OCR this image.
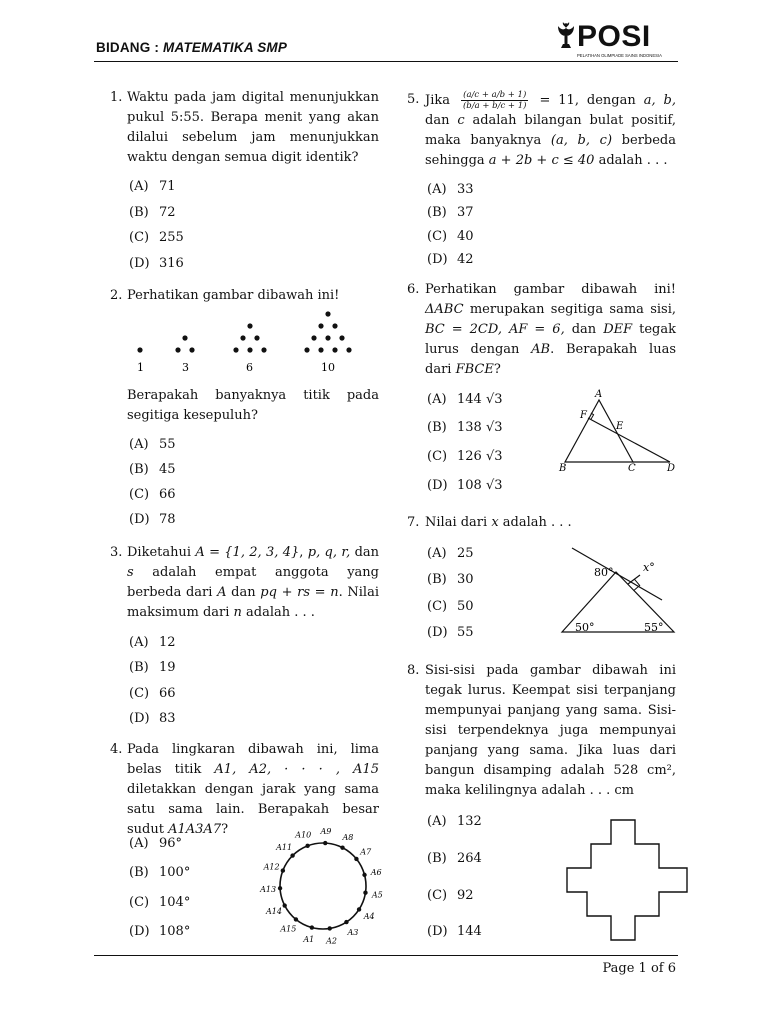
BIDANG : MATEMATIKA SMP	POSI
PELATIHAN OLIMPIADE SAINS INDONESIA
1. Waktu pada jam digital menunjukkan pukul 5:55. Berapa menit yang akan dilalui sebelum jam menunjukkan waktu dengan semua digit identik?
(A) 71
(B) 72
(C) 255
(D) 316
2. Perhatikan gambar dibawah ini!
1	3	6	10
Berapakah banyaknya titik pada segitiga kesepuluh?
(A) 55
(B) 45
(C) 66
(D) 78
3. Diketahui A = {1, 2, 3, 4}, p, q, r, dan s adalah empat anggota yang berbeda dari A dan pq + rs = n. Nilai maksimum dari n adalah . . .
(A) 12
(B) 19
(C) 66
(D) 83
4. Pada lingkaran dibawah ini, lima belas titik A1, A2, · · · , A15 diletakkan dengan jarak yang sama satu sama lain. Berapakah besar sudut A1A3A7?
(A) 96°
(B) 100°
(C) 104°
(D) 108°
A1 A2
A3
A4
A5
A6
A7
A8
A9
A10
A11
A12
A13
A14
A15
5. Jika $\frac{(a/c + a/b + 1)}{(b/a + b/c + 1)} = 11$, dengan a, b, dan c adalah bilangan bulat positif, maka banyaknya (a, b, c) berbeda sehingga a + 2b + c ≤ 40 adalah . . .
(A) 33
(B) 37
(C) 40
(D) 42
6. Perhatikan gambar dibawah ini! ΔABC merupakan segitiga sama sisi, BC = 2CD, AF = 6, dan DEF tegak lurus dengan AB. Berapakah luas dari FBCE?
(A) 144 √3
(B) 138 √3
(C) 126 √3
(D) 108 √3
A
F
E
B	C	D
7. Nilai dari x adalah . . .
(A) 25
(B) 30
(C) 50
(D) 55
80°	x°
50°	55°
8. Sisi-sisi pada gambar dibawah ini tegak lurus. Keempat sisi terpanjang mempunyai panjang yang sama. Sisi-sisi terpendeknya juga mempunyai panjang yang sama. Jika luas dari bangun disamping adalah 528 cm², maka kelilingnya adalah . . . cm
(A) 132
(B) 264
(C) 92
(D) 144
Page 1 of 6
